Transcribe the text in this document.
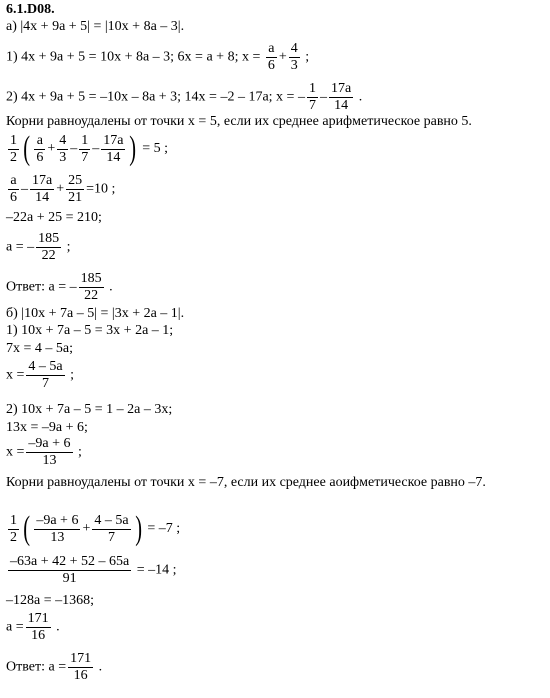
6.1.D08.
а) |4x + 9a + 5| = |10x + 8a – 3|.
1) 4x + 9a + 5 = 10x + 8a – 3; 6x = a + 8; $x = \frac{a}{6} + \frac{4}{3}$ ;
2) 4x + 9a + 5 = –10x – 8a + 3; 14x = –2 – 17a; x = – $\frac{1}{7} - \frac{17a}{14}$ .
Корни равноудалены от точки x = 5, если их среднее арифметическое равно 5.
$\frac{1}{2}$ ( $\frac{a}{6} + \frac{4}{3} - \frac{1}{7} - \frac{17a}{14}$ ) = 5 ;
$\frac{a}{6} - \frac{17a}{14} + \frac{25}{21} =10$ ;
–22a + 25 = 210;
a = – $\frac{185}{22}$ ;
Ответ: a = – $\frac{185}{22}$ .
б) |10x + 7a – 5| = |3x + 2a – 1|.
1) 10x + 7a – 5 = 3x + 2a – 1;
7x = 4 – 5a;
$x = \frac{4 - 5a}{7}$ ;
2) 10x + 7a – 5 = 1 – 2a – 3x;
13x = –9a + 6;
$x = \frac{-9a + 6}{13}$ ;
Корни равноудалены от точки x = –7, если их среднее аоифметическое равно –7.
$\frac{1}{2}$ ( $\frac{-9a + 6}{13} + \frac{4 - 5a}{7}$ ) = –7 ;
$\frac{-63a + 42 + 52 - 65a}{91} = -14$ ;
–128a = –1368;
$a = \frac{171}{16}$ .
Ответ: $a = \frac{171}{16}$ .
